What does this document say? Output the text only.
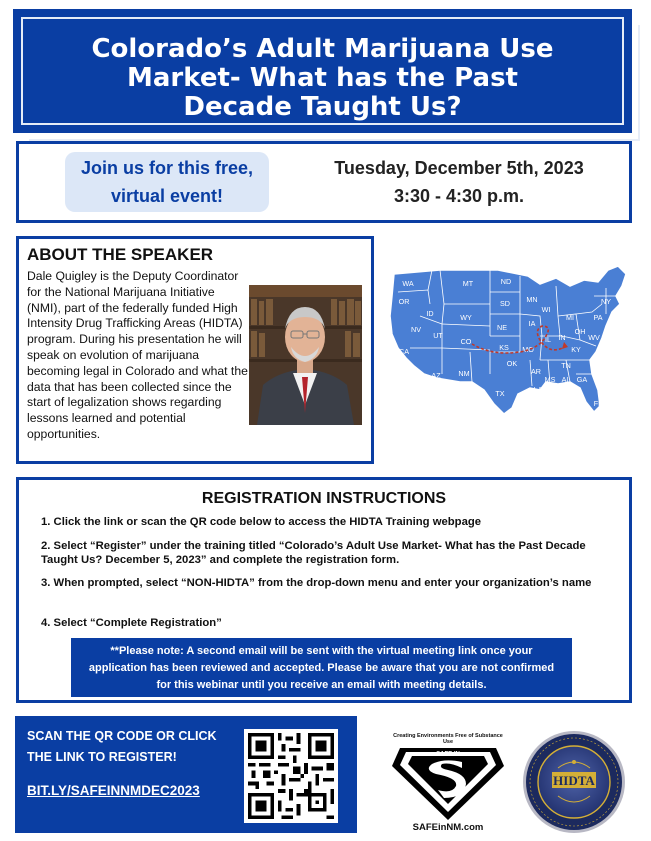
Colorado’s Adult Marijuana Use
Market- What has the Past
Decade Taught Us?
Join us for this free,
virtual event!
Tuesday, December 5th, 2023
3:30 - 4:30 p.m.
ABOUT THE SPEAKER
Dale Quigley is the Deputy Coordinator for the National Marijuana Initiative (NMI), part of the federally funded High Intensity Drug Trafficking Areas (HIDTA) program. During his presentation he will speak on evolution of marijuana becoming legal in Colorado and what the data that has been collected since the start of legalization shows regarding lessons learned and potential opportunities.
WA
OR
ID
MT	ND
SD MN
WI
MI
WY
NV
CA
UT
CO
NE	IA
KS MO
IL IN
OH
KY
PA
NY
ME
WV
VA
NC
TN
OK
AR
NM
AZ
TX	LA
MS AL GA
SC
FL
NJ
MD
DE
REGISTRATION INSTRUCTIONS
1. Click the link or scan the QR code below to access the HIDTA Training webpage
2. Select “Register” under the training titled “Colorado’s Adult Use Market- What has the Past Decade Taught Us? December 5, 2023” and complete the registration form.
3. When prompted, select “NON-HIDTA” from the drop-down menu and enter your organization’s name
4. Select “Complete Registration”
**Please note: A second email will be sent with the virtual meeting link once your application has been reviewed and accepted. Please be aware that you are not confirmed for this webinar until you receive an email with meeting details.
SCAN THE QR CODE OR CLICK
THE LINK TO REGISTER!
BIT.LY/SAFEINNMDEC2023
Creating Environments Free of Substance Use
SAFE IN
SAFEinNM.com
HIDTA
